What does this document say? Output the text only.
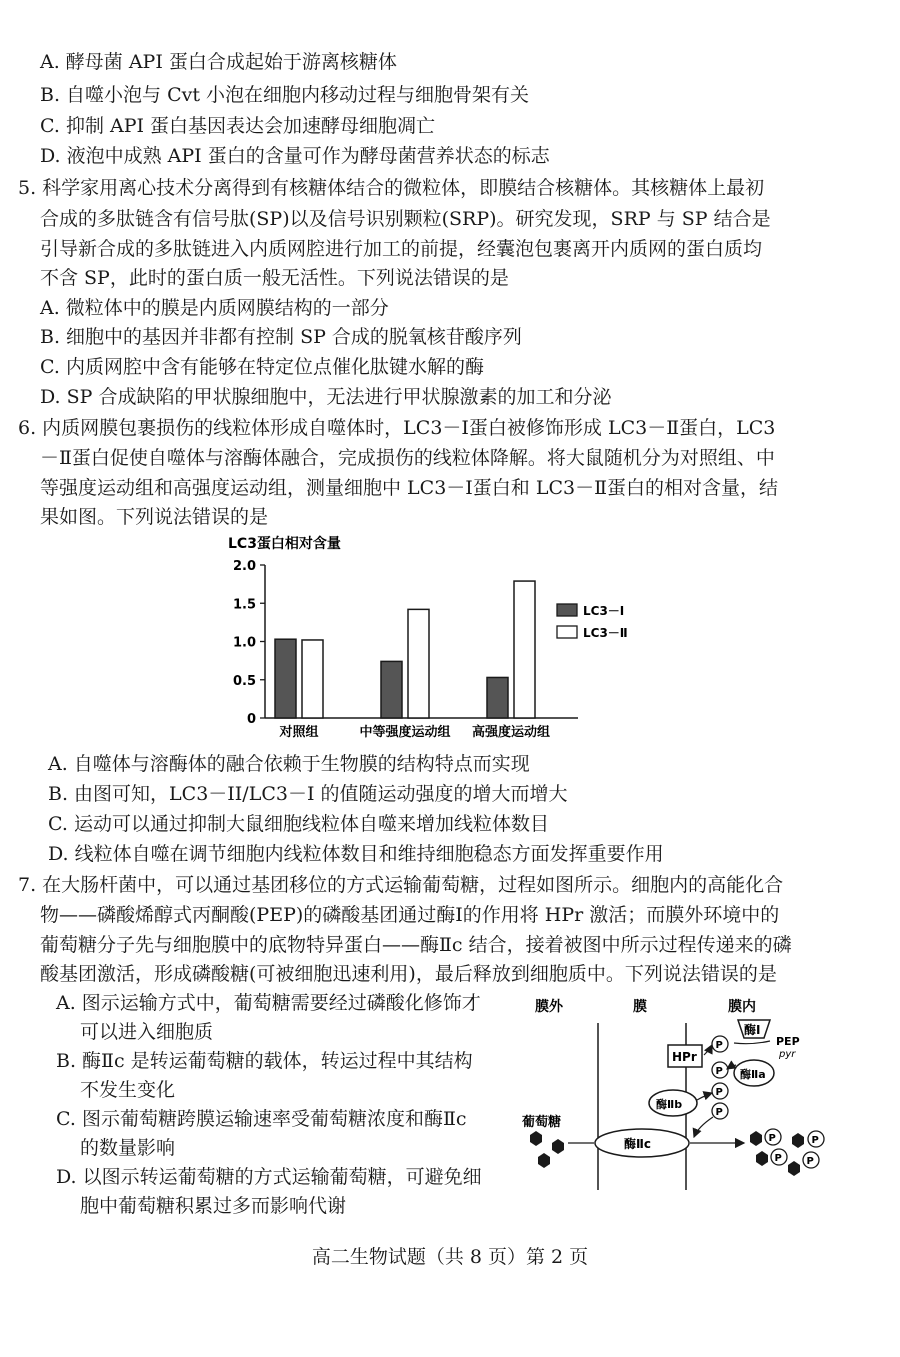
A. 酵母菌 API 蛋白合成起始于游离核糖体
B. 自噬小泡与 Cvt 小泡在细胞内移动过程与细胞骨架有关
C. 抑制 API 蛋白基因表达会加速酵母细胞凋亡
D. 液泡中成熟 API 蛋白的含量可作为酵母菌营养状态的标志
5. 科学家用离心技术分离得到有核糖体结合的微粒体，即膜结合核糖体。其核糖体上最初
合成的多肽链含有信号肽(SP)以及信号识别颗粒(SRP)。研究发现，SRP 与 SP 结合是
引导新合成的多肽链进入内质网腔进行加工的前提，经囊泡包裹离开内质网的蛋白质均
不含 SP，此时的蛋白质一般无活性。下列说法错误的是
A. 微粒体中的膜是内质网膜结构的一部分
B. 细胞中的基因并非都有控制 SP 合成的脱氧核苷酸序列
C. 内质网腔中含有能够在特定位点催化肽键水解的酶
D. SP 合成缺陷的甲状腺细胞中，无法进行甲状腺激素的加工和分泌
6. 内质网膜包裹损伤的线粒体形成自噬体时，LC3－Ⅰ蛋白被修饰形成 LC3－Ⅱ蛋白，LC3
－Ⅱ蛋白促使自噬体与溶酶体融合，完成损伤的线粒体降解。将大鼠随机分为对照组、中
等强度运动组和高强度运动组，测量细胞中 LC3－Ⅰ蛋白和 LC3－Ⅱ蛋白的相对含量，结
果如图。下列说法错误的是
LC3蛋白相对含量
2.0
1.5
1.0
0.5
0
对照组	中等强度运动组 高强度运动组
LC3－Ⅰ
LC3－Ⅱ
A. 自噬体与溶酶体的融合依赖于生物膜的结构特点而实现
B. 由图可知，LC3－II/LC3－I 的值随运动强度的增大而增大
C. 运动可以通过抑制大鼠细胞线粒体自噬来增加线粒体数目
D. 线粒体自噬在调节细胞内线粒体数目和维持细胞稳态方面发挥重要作用
7. 在大肠杆菌中，可以通过基团移位的方式运输葡萄糖，过程如图所示。细胞内的高能化合
物——磷酸烯醇式丙酮酸(PEP)的磷酸基团通过酶Ⅰ的作用将 HPr 激活；而膜外环境中的
葡萄糖分子先与细胞膜中的底物特异蛋白——酶Ⅱc 结合，接着被图中所示过程传递来的磷
酸基团激活，形成磷酸糖(可被细胞迅速利用)，最后释放到细胞质中。下列说法错误的是
A. 图示运输方式中，葡萄糖需要经过磷酸化修饰才
可以进入细胞质
B. 酶Ⅱc 是转运葡萄糖的载体，转运过程中其结构
不发生变化
C. 图示葡萄糖跨膜运输速率受葡萄糖浓度和酶Ⅱc
的数量影响
D. 以图示转运葡萄糖的方式运输葡萄糖，可避免细
胞中葡萄糖积累过多而影响代谢
膜外	膜	膜内
酶Ⅰ
PEP
pyr
HPr
P
P 酶Ⅱa
酶Ⅱb
P
P
酶Ⅱc
葡萄糖
P
P
P
P
高二生物试题（共 8 页）第 2 页
